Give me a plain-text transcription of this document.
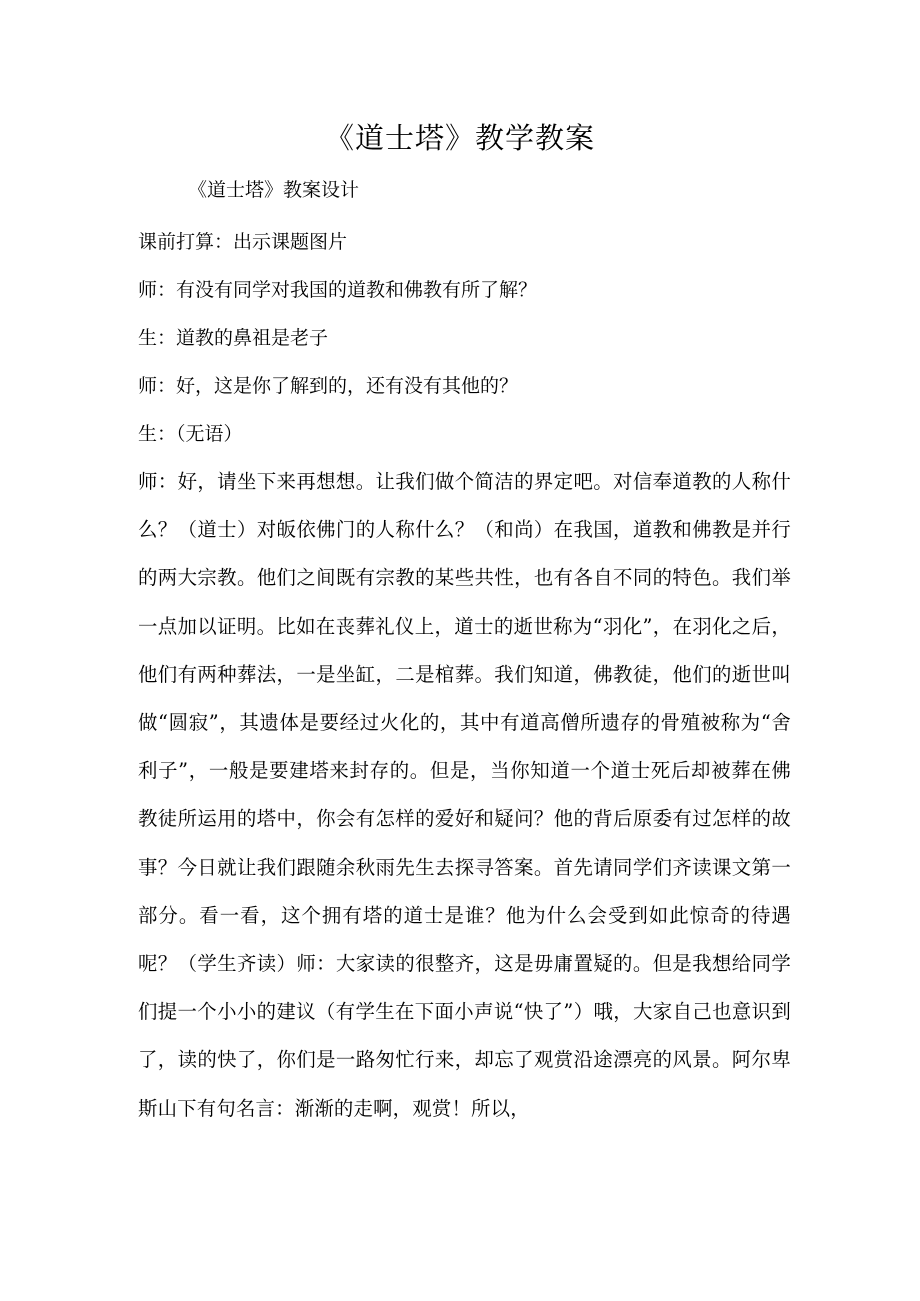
《道士塔》教学教案

《道士塔》教案设计

课前打算：出示课题图片

师：有没有同学对我国的道教和佛教有所了解？

生：道教的鼻祖是老子

师：好，这是你了解到的，还有没有其他的？

生：（无语）

师：好，请坐下来再想想。让我们做个简洁的界定吧。对信奉道教的人称什么？（道士）对皈依佛门的人称什么？（和尚）在我国，道教和佛教是并行的两大宗教。他们之间既有宗教的某些共性，也有各自不同的特色。我们举一点加以证明。比如在丧葬礼仪上，道士的逝世称为“羽化”，在羽化之后，他们有两种葬法，一是坐缸，二是棺葬。我们知道，佛教徒，他们的逝世叫做“圆寂”，其遗体是要经过火化的，其中有道高僧所遗存的骨殖被称为“舍利子”，一般是要建塔来封存的。但是，当你知道一个道士死后却被葬在佛教徒所运用的塔中，你会有怎样的爱好和疑问？他的背后原委有过怎样的故事？今日就让我们跟随余秋雨先生去探寻答案。首先请同学们齐读课文第一部分。看一看，这个拥有塔的道士是谁？他为什么会受到如此惊奇的待遇呢？（学生齐读）师：大家读的很整齐，这是毋庸置疑的。但是我想给同学们提一个小小的建议（有学生在下面小声说“快了”）哦，大家自己也意识到了，读的快了，你们是一路匆忙行来，却忘了观赏沿途漂亮的风景。阿尔卑斯山下有句名言：渐渐的走啊，观赏！所以，
